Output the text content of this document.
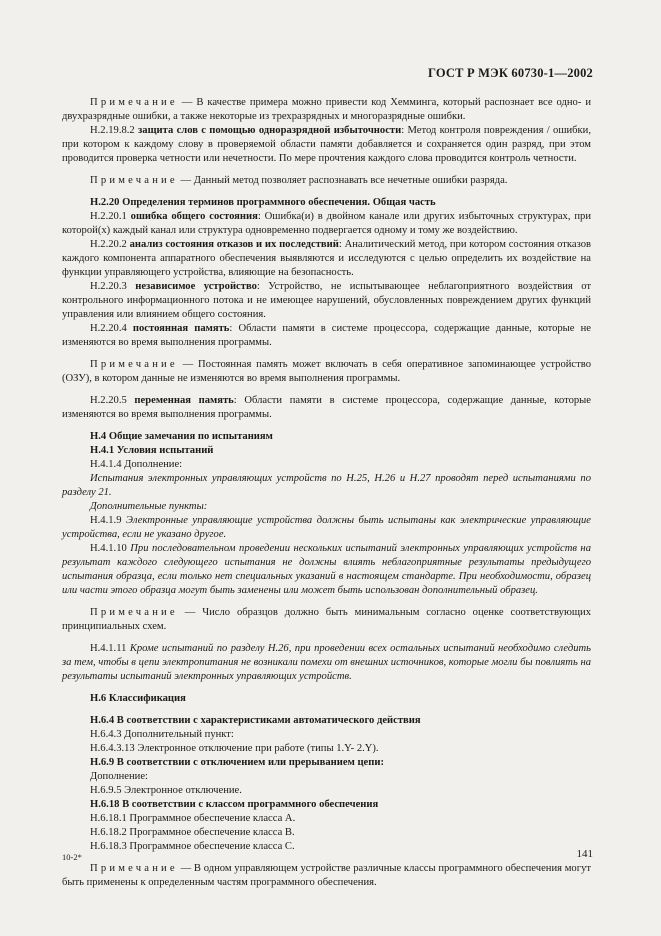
ГОСТ Р МЭК 60730-1—2002

Примечание — В качестве примера можно привести код Хемминга, который распознает все одно- и двухразрядные ошибки, а также некоторые из трехразрядных и многоразрядные ошибки.

Н.2.19.8.2 защита слов с помощью одноразрядной избыточности: Метод контроля повреждения / ошибки, при котором к каждому слову в проверяемой области памяти добавляется и сохраняется один разряд, при этом проводится проверка четности или нечетности. По мере прочтения каждого слова проводится контроль четности.

Примечание — Данный метод позволяет распознавать все нечетные ошибки разряда.

Н.2.20 Определения терминов программного обеспечения. Общая часть

Н.2.20.1 ошибка общего состояния: Ошибка(и) в двойном канале или других избыточных структурах, при которой(х) каждый канал или структура одновременно подвергается одному и тому же воздействию.

Н.2.20.2 анализ состояния отказов и их последствий: Аналитический метод, при котором состояния отказов каждого компонента аппаратного обеспечения выявляются и исследуются с целью определить их воздействие на функции управляющего устройства, влияющие на безопасность.

Н.2.20.3 независимое устройство: Устройство, не испытывающее неблагоприятного воздействия от контрольного информационного потока и не имеющее нарушений, обусловленных повреждением других функций управления или влиянием общего состояния.

Н.2.20.4 постоянная память: Области памяти в системе процессора, содержащие данные, которые не изменяются во время выполнения программы.

Примечание — Постоянная память может включать в себя оперативное запоминающее устройство (ОЗУ), в котором данные не изменяются во время выполнения программы.

Н.2.20.5 переменная память: Области памяти в системе процессора, содержащие данные, которые изменяются во время выполнения программы.

Н.4 Общие замечания по испытаниям

Н.4.1 Условия испытаний

Н.4.1.4 Дополнение:

Испытания электронных управляющих устройств по Н.25, Н.26 и Н.27 проводят перед испытаниями по разделу 21.

Дополнительные пункты:

Н.4.1.9 Электронные управляющие устройства должны быть испытаны как электрические управляющие устройства, если не указано другое.

Н.4.1.10 При последовательном проведении нескольких испытаний электронных управляющих устройств на результат каждого следующего испытания не должны влиять неблагоприятные результаты предыдущего испытания образца, если только нет специальных указаний в настоящем стандарте. При необходимости, образец или части этого образца могут быть заменены или может быть использован дополнительный образец.

Примечание — Число образцов должно быть минимальным согласно оценке соответствующих принципиальных схем.

Н.4.1.11 Кроме испытаний по разделу Н.26, при проведении всех остальных испытаний необходимо следить за тем, чтобы в цепи электропитания не возникали помехи от внешних источников, которые могли бы повлиять на результаты испытаний электронных управляющих устройств.

Н.6 Классификация

Н.6.4 В соответствии с характеристиками автоматического действия

Н.6.4.3 Дополнительный пункт:

Н.6.4.3.13 Электронное отключение при работе (типы 1.Y- 2.Y).

Н.6.9 В соответствии с отключением или прерыванием цепи:

Дополнение:

Н.6.9.5 Электронное отключение.

Н.6.18 В соответствии с классом программного обеспечения

Н.6.18.1 Программное обеспечение класса А.

Н.6.18.2 Программное обеспечение класса В.

Н.6.18.3 Программное обеспечение класса С.

Примечание — В одном управляющем устройстве различные классы программного обеспечения могут быть применены к определенным частям программного обеспечения.

10-2*	141
